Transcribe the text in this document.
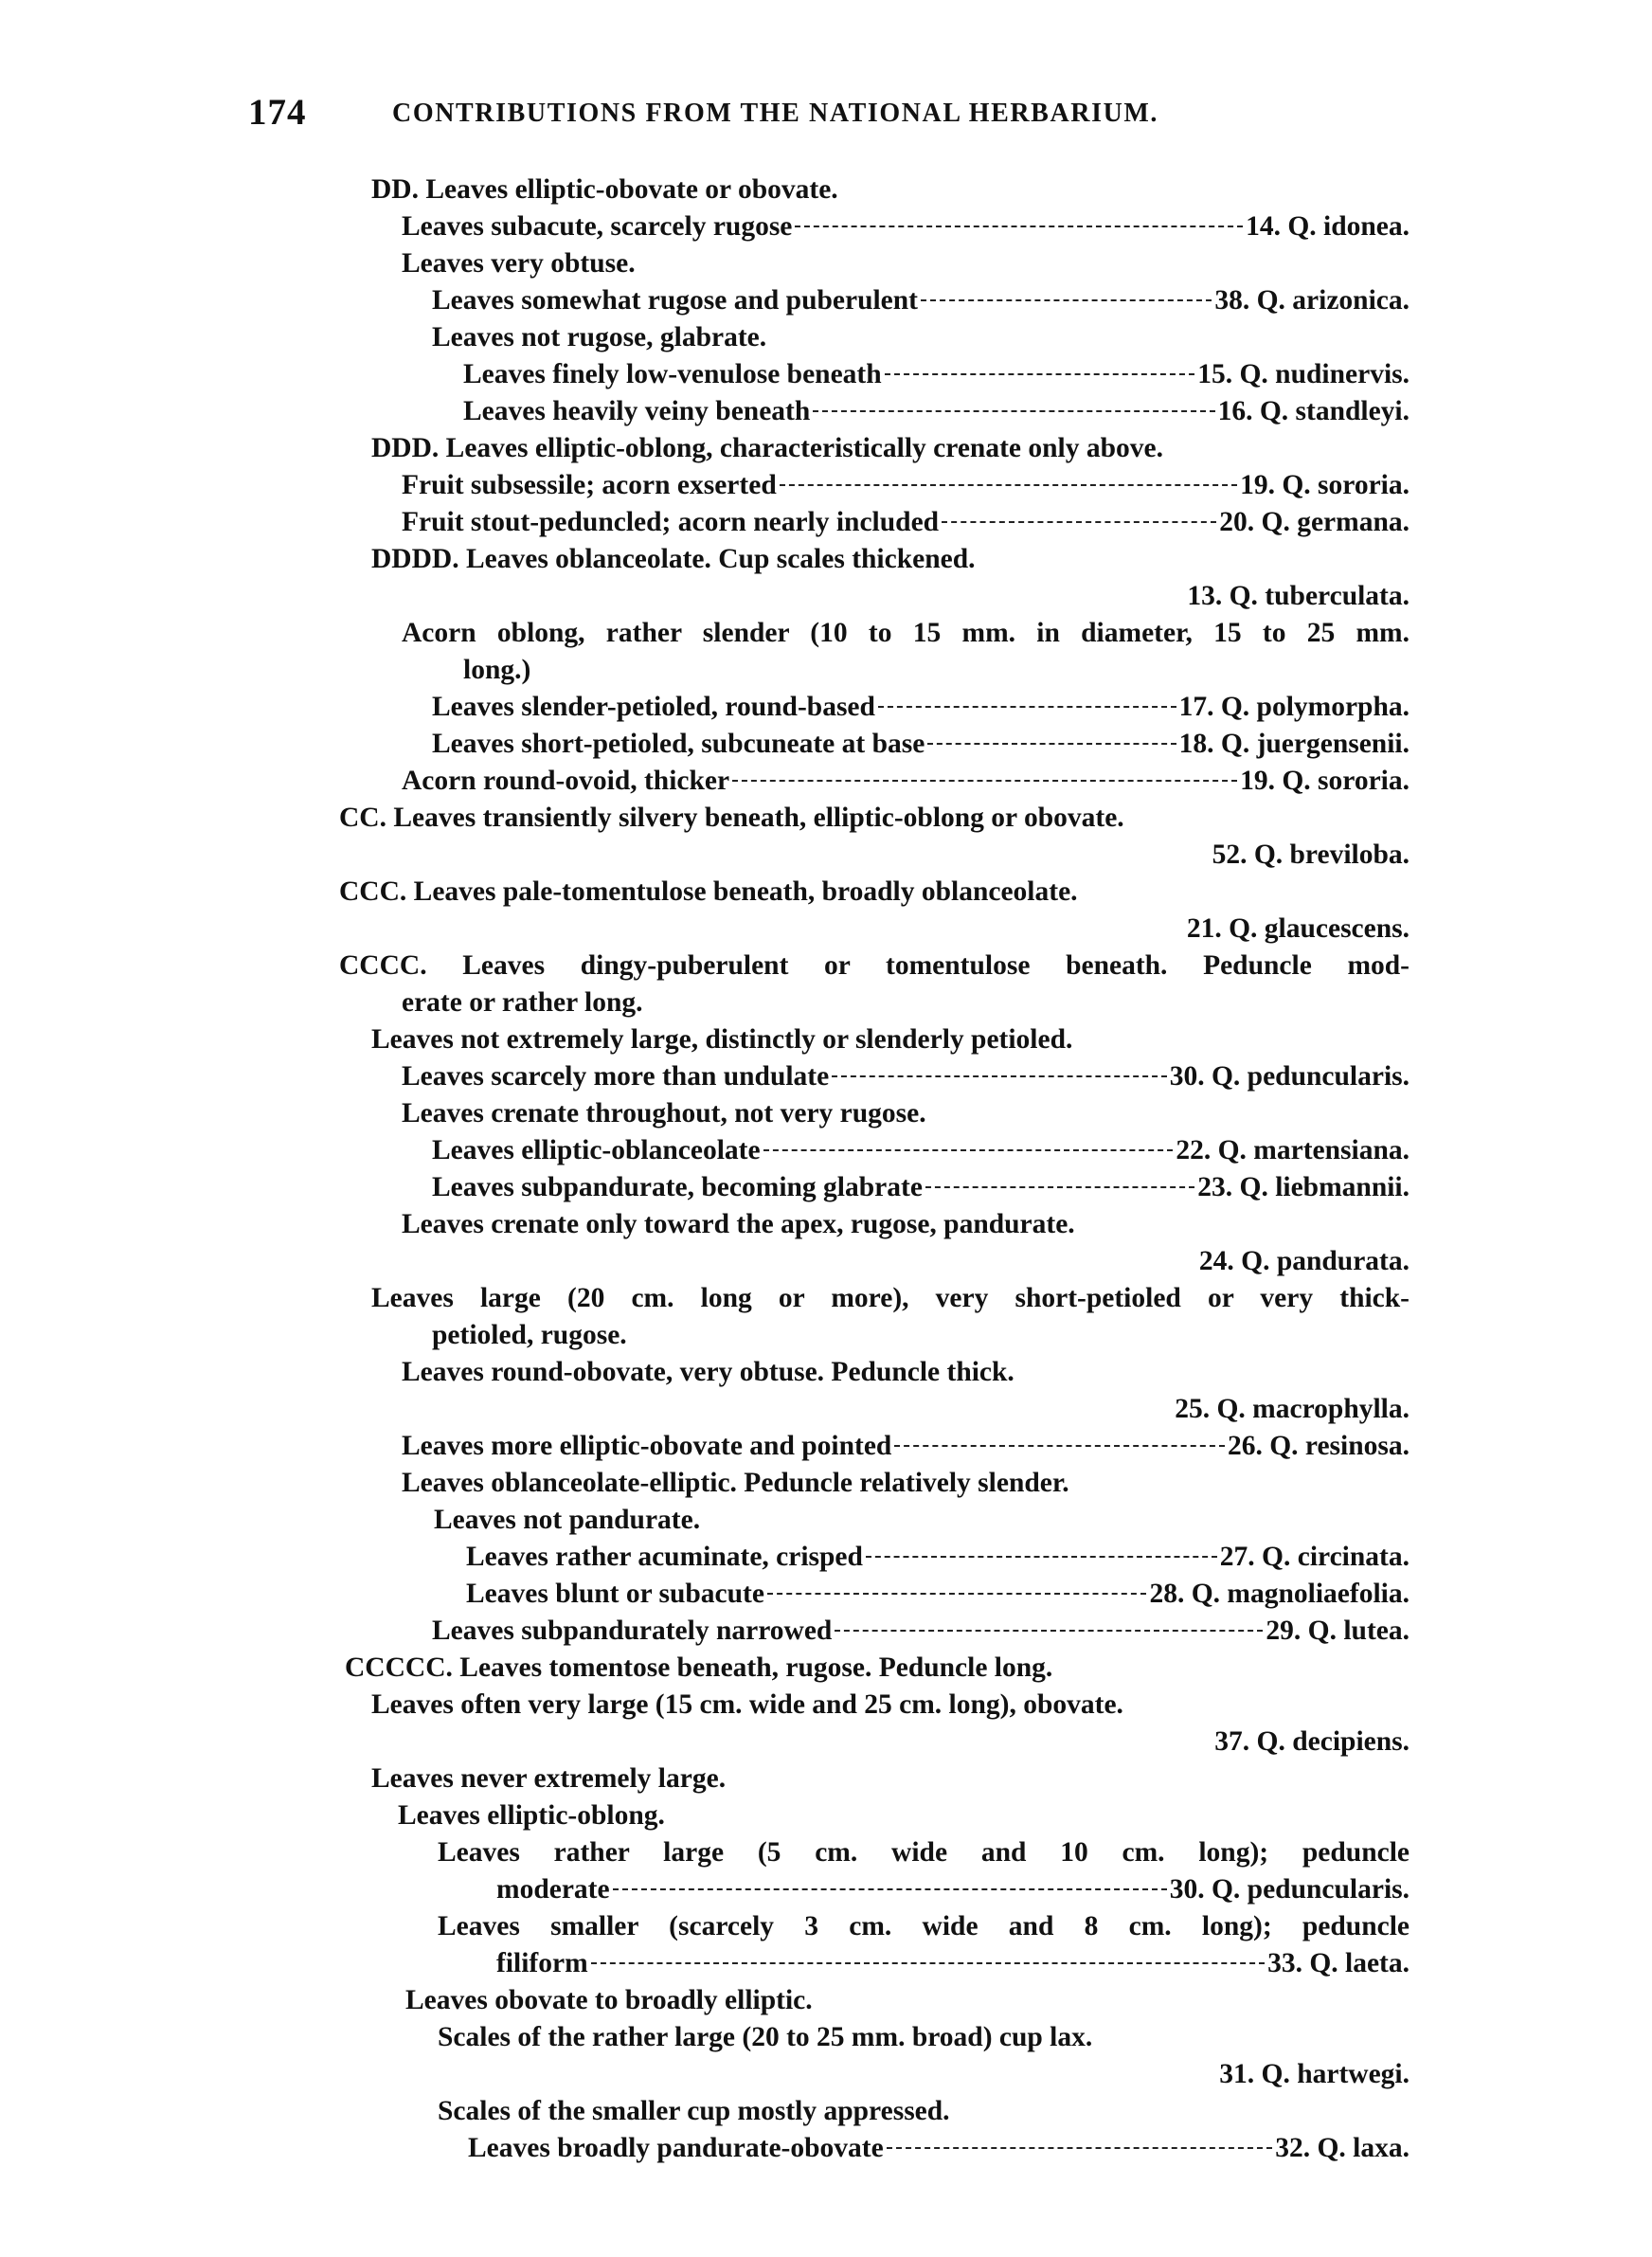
174	CONTRIBUTIONS FROM THE NATIONAL HERBARIUM.
DD. Leaves elliptic-obovate or obovate.
Leaves subacute, scarcely rugose	14. Q. idonea.
Leaves very obtuse.
Leaves somewhat rugose and puberulent	38. Q. arizonica.
Leaves not rugose, glabrate.
Leaves finely low-venulose beneath	15. Q. nudinervis.
Leaves heavily veiny beneath	16. Q. standleyi.
DDD. Leaves elliptic-oblong, characteristically crenate only above.
Fruit subsessile; acorn exserted	19. Q. sororia.
Fruit stout-peduncled; acorn nearly included	20. Q. germana.
DDDD. Leaves oblanceolate. Cup scales thickened.
13. Q. tuberculata.
Acorn oblong, rather slender (10 to 15 mm. in diameter, 15 to 25 mm.
long.)
Leaves slender-petioled, round-based	17. Q. polymorpha.
Leaves short-petioled, subcuneate at base	18. Q. juergensenii.
Acorn round-ovoid, thicker	19. Q. sororia.
CC. Leaves transiently silvery beneath, elliptic-oblong or obovate.
52. Q. breviloba.
CCC. Leaves pale-tomentulose beneath, broadly oblanceolate.
21. Q. glaucescens.
CCCC. Leaves dingy-puberulent or tomentulose beneath. Peduncle mod-
erate or rather long.
Leaves not extremely large, distinctly or slenderly petioled.
Leaves scarcely more than undulate	30. Q. peduncularis.
Leaves crenate throughout, not very rugose.
Leaves elliptic-oblanceolate	22. Q. martensiana.
Leaves subpandurate, becoming glabrate	23. Q. liebmannii.
Leaves crenate only toward the apex, rugose, pandurate.
24. Q. pandurata.
Leaves large (20 cm. long or more), very short-petioled or very thick-
petioled, rugose.
Leaves round-obovate, very obtuse. Peduncle thick.
25. Q. macrophylla.
Leaves more elliptic-obovate and pointed	26. Q. resinosa.
Leaves oblanceolate-elliptic. Peduncle relatively slender.
Leaves not pandurate.
Leaves rather acuminate, crisped	27. Q. circinata.
Leaves blunt or subacute	28. Q. magnoliaefolia.
Leaves subpandurately narrowed	29. Q. lutea.
CCCCC. Leaves tomentose beneath, rugose. Peduncle long.
Leaves often very large (15 cm. wide and 25 cm. long), obovate.
37. Q. decipiens.
Leaves never extremely large.
Leaves elliptic-oblong.
Leaves rather large (5 cm. wide and 10 cm. long); peduncle
moderate	30. Q. peduncularis.
Leaves smaller (scarcely 3 cm. wide and 8 cm. long); peduncle
filiform	33. Q. laeta.
Leaves obovate to broadly elliptic.
Scales of the rather large (20 to 25 mm. broad) cup lax.
31. Q. hartwegi.
Scales of the smaller cup mostly appressed.
Leaves broadly pandurate-obovate	32. Q. laxa.
